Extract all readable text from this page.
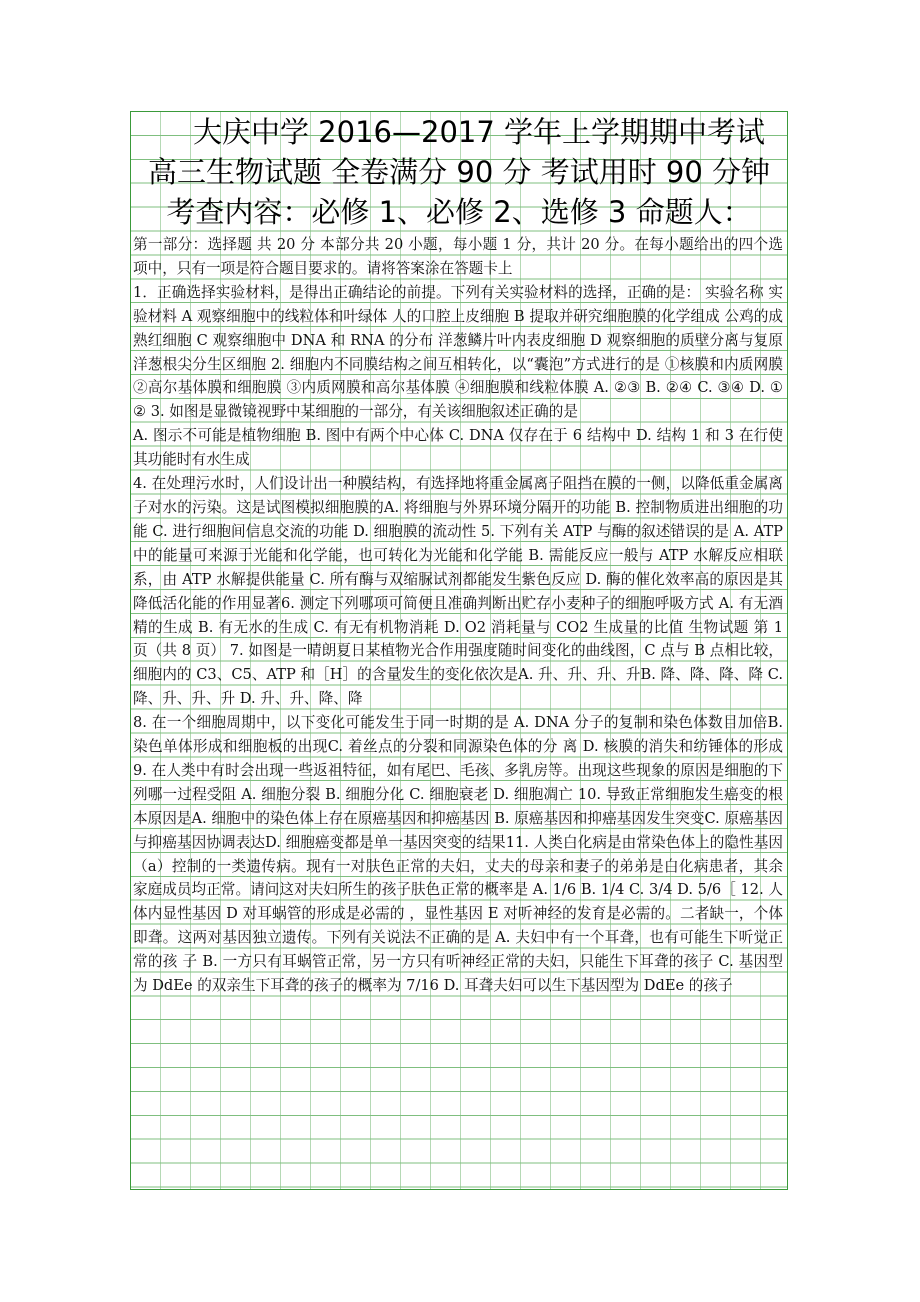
大庆中学 2016—2017 学年上学期期中考试
高三生物试题 全卷满分 90 分 考试用时 90 分钟
考查内容：必修 1、必修 2、选修 3 命题人：

第一部分：选择题 共 20 分 本部分共 20 小题，每小题 1 分，共计 20 分。在每小题给出的四个选项中，只有一项是符合题目要求的。请将答案涂在答题卡上

1．正确选择实验材料，是得出正确结论的前提。下列有关实验材料的选择，正确的是： 实验名称 实验材料 A 观察细胞中的线粒体和叶绿体 人的口腔上皮细胞 B 提取并研究细胞膜的化学组成 公鸡的成熟红细胞 C 观察细胞中 DNA 和 RNA 的分布 洋葱鳞片叶内表皮细胞 D 观察细胞的质壁分离与复原 洋葱根尖分生区细胞 2. 细胞内不同膜结构之间互相转化，以“囊泡”方式进行的是 ①核膜和内质网膜 ②高尔基体膜和细胞膜 ③内质网膜和高尔基体膜 ④细胞膜和线粒体膜 A. ②③ B. ②④ C. ③④ D. ①② 3. 如图是显微镜视野中某细胞的一部分，有关该细胞叙述正确的是

A. 图示不可能是植物细胞 B. 图中有两个中心体 C. DNA 仅存在于 6 结构中 D. 结构 1 和 3 在行使其功能时有水生成

4. 在处理污水时，人们设计出一种膜结构，有选择地将重金属离子阻挡在膜的一侧，以降低重金属离子对水的污染。这是试图模拟细胞膜的A. 将细胞与外界环境分隔开的功能 B. 控制物质进出细胞的功能 C. 进行细胞间信息交流的功能 D. 细胞膜的流动性 5. 下列有关 ATP 与酶的叙述错误的是 A. ATP 中的能量可来源于光能和化学能，也可转化为光能和化学能 B. 需能反应一般与 ATP 水解反应相联系，由 ATP 水解提供能量 C. 所有酶与双缩脲试剂都能发生紫色反应 D. 酶的催化效率高的原因是其降低活化能的作用显著6. 测定下列哪项可简便且准确判断出贮存小麦种子的细胞呼吸方式 A. 有无酒精的生成 B. 有无水的生成 C. 有无有机物消耗 D. O2 消耗量与 CO2 生成量的比值 生物试题 第 1 页（共 8 页） 7. 如图是一晴朗夏日某植物光合作用强度随时间变化的曲线图，C 点与 B 点相比较，细胞内的 C3、C5、ATP 和［H］的含量发生的变化依次是A. 升、升、升、升B. 降、降、降、降 C. 降、升、升、升 D. 升、升、降、降

8. 在一个细胞周期中，以下变化可能发生于同一时期的是 A. DNA 分子的复制和染色体数目加倍B. 染色单体形成和细胞板的出现C. 着丝点的分裂和同源染色体的分 离 D. 核膜的消失和纺锤体的形成 9. 在人类中有时会出现一些返祖特征，如有尾巴、毛孩、多乳房等。出现这些现象的原因是细胞的下列哪一过程受阻 A. 细胞分裂 B. 细胞分化 C. 细胞衰老 D. 细胞凋亡 10. 导致正常细胞发生癌变的根本原因是A. 细胞中的染色体上存在原癌基因和抑癌基因 B. 原癌基因和抑癌基因发生突变C. 原癌基因与抑癌基因协调表达D. 细胞癌变都是单一基因突变的结果11. 人类白化病是由常染色体上的隐性基因（a）控制的一类遗传病。现有一对肤色正常的夫妇，丈夫的母亲和妻子的弟弟是白化病患者，其余家庭成员均正常。请问这对夫妇所生的孩子肤色正常的概率是 A. 1/6 B. 1/4 C. 3/4 D. 5/6［ 12. 人体内显性基因 D 对耳蜗管的形成是必需的 ，显性基因 E 对听神经的发育是必需的。二者缺一，个体即聋。这两对基因独立遗传。下列有关说法不正确的是 A. 夫妇中有一个耳聋，也有可能生下听觉正常的孩 子 B. 一方只有耳蜗管正常，另一方只有听神经正常的夫妇，只能生下耳聋的孩子 C. 基因型为 DdEe 的双亲生下耳聋的孩子的概率为 7/16 D. 耳聋夫妇可以生下基因型为 DdEe 的孩子
